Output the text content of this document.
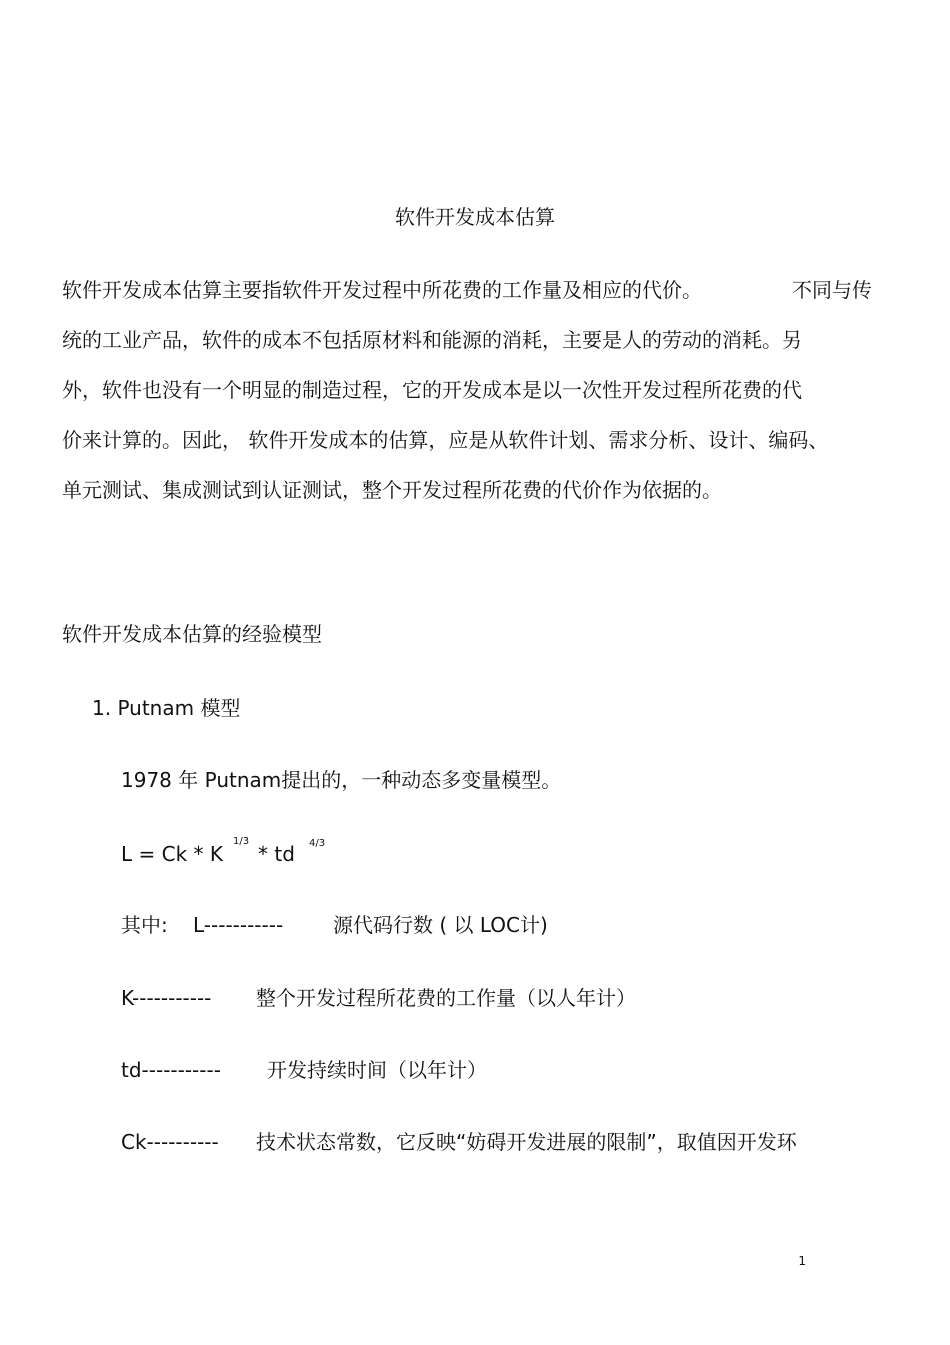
软件开发成本估算
软件开发成本估算主要指软件开发过程中所花费的工作量及相应的代价。	不同与传
统的工业产品，软件的成本不包括原材料和能源的消耗，主要是人的劳动的消耗。另
外，软件也没有一个明显的制造过程，它的开发成本是以一次性开发过程所花费的代
价来计算的。因此， 软件开发成本的估算，应是从软件计划、需求分析、设计、编码、
单元测试、集成测试到认证测试，整个开发过程所花费的代价作为依据的。
软件开发成本估算的经验模型
1. Putnam 模型
1978 年 Putnam提出的，一种动态多变量模型。
L = Ck * K
1/3
* td 4/3
其中: L----------- 源代码行数 ( 以 LOC计)
K----------- 整个开发过程所花费的工作量（以人年计）
td----------- 开发持续时间（以年计）
Ck---------- 技术状态常数，它反映“妨碍开发进展的限制”，取值因开发环
1
